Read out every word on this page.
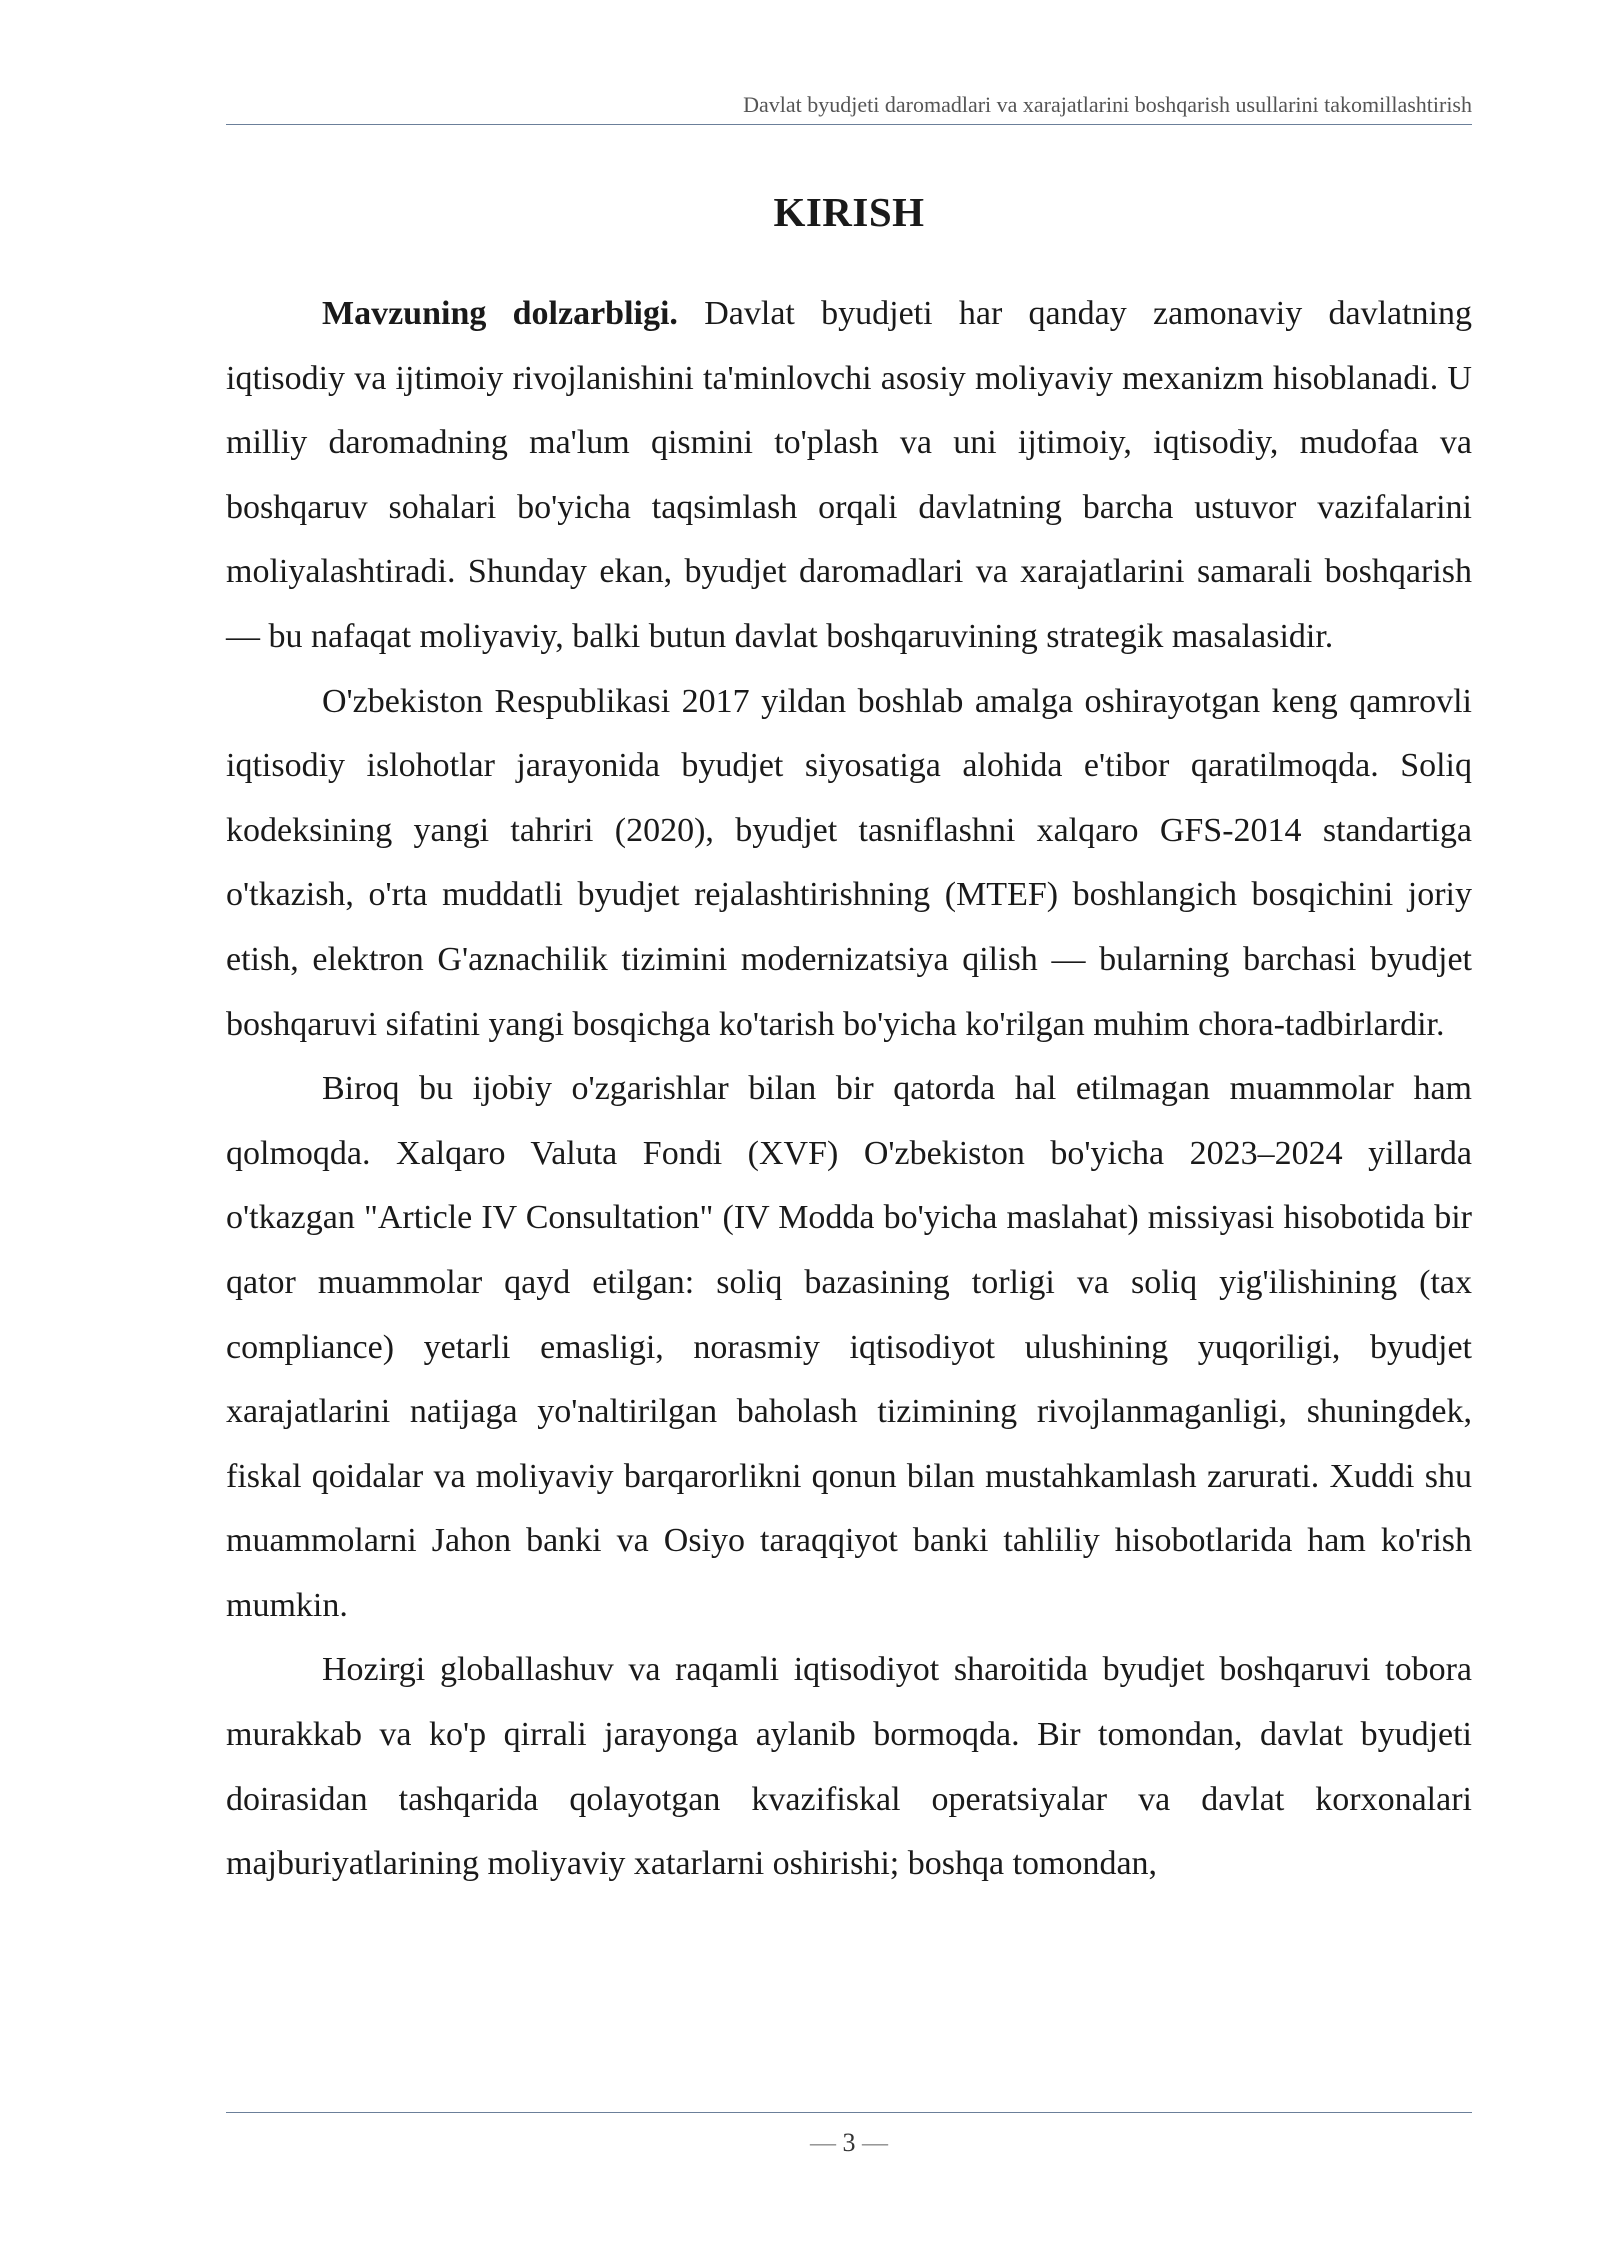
Davlat byudjeti daromadlari va xarajatlarini boshqarish usullarini takomillashtirish
KIRISH

Mavzuning dolzarbligi. Davlat byudjeti har qanday zamonaviy davlatning iqtisodiy va ijtimoiy rivojlanishini ta'minlovchi asosiy moliyaviy mexanizm hisoblanadi. U milliy daromadning ma'lum qismini to'plash va uni ijtimoiy, iqtisodiy, mudofaa va boshqaruv sohalari bo'yicha taqsimlash orqali davlatning barcha ustuvor vazifalarini moliyalashtiradi. Shunday ekan, byudjet daromadlari va xarajatlarini samarali boshqarish — bu nafaqat moliyaviy, balki butun davlat boshqaruvining strategik masalasidir.

O'zbekiston Respublikasi 2017 yildan boshlab amalga oshirayotgan keng qamrovli iqtisodiy islohotlar jarayonida byudjet siyosatiga alohida e'tibor qaratilmoqda. Soliq kodeksining yangi tahriri (2020), byudjet tasniflashni xalqaro GFS-2014 standartiga o'tkazish, o'rta muddatli byudjet rejalashtirishning (MTEF) boshlangich bosqichini joriy etish, elektron G'aznachilik tizimini modernizatsiya qilish — bularning barchasi byudjet boshqaruvi sifatini yangi bosqichga ko'tarish bo'yicha ko'rilgan muhim chora-tadbirlardir.

Biroq bu ijobiy o'zgarishlar bilan bir qatorda hal etilmagan muammolar ham qolmoqda. Xalqaro Valuta Fondi (XVF) O'zbekiston bo'yicha 2023–2024 yillarda o'tkazgan "Article IV Consultation" (IV Modda bo'yicha maslahat) missiyasi hisobotida bir qator muammolar qayd etilgan: soliq bazasining torligi va soliq yig'ilishining (tax compliance) yetarli emasligi, norasmiy iqtisodiyot ulushining yuqoriligi, byudjet xarajatlarini natijaga yo'naltirilgan baholash tizimining rivojlanmaganligi, shuningdek, fiskal qoidalar va moliyaviy barqarorlikni qonun bilan mustahkamlash zarurati. Xuddi shu muammolarni Jahon banki va Osiyo taraqqiyot banki tahliliy hisobotlarida ham ko'rish mumkin.

Hozirgi globallashuv va raqamli iqtisodiyot sharoitida byudjet boshqaruvi tobora murakkab va ko'p qirrali jarayonga aylanib bormoqda. Bir tomondan, davlat byudjeti doirasidan tashqarida qolayotgan kvazifiskal operatsiyalar va davlat korxonalari majburiyatlarining moliyaviy xatarlarni oshirishi; boshqa tomondan,

— 3 —
